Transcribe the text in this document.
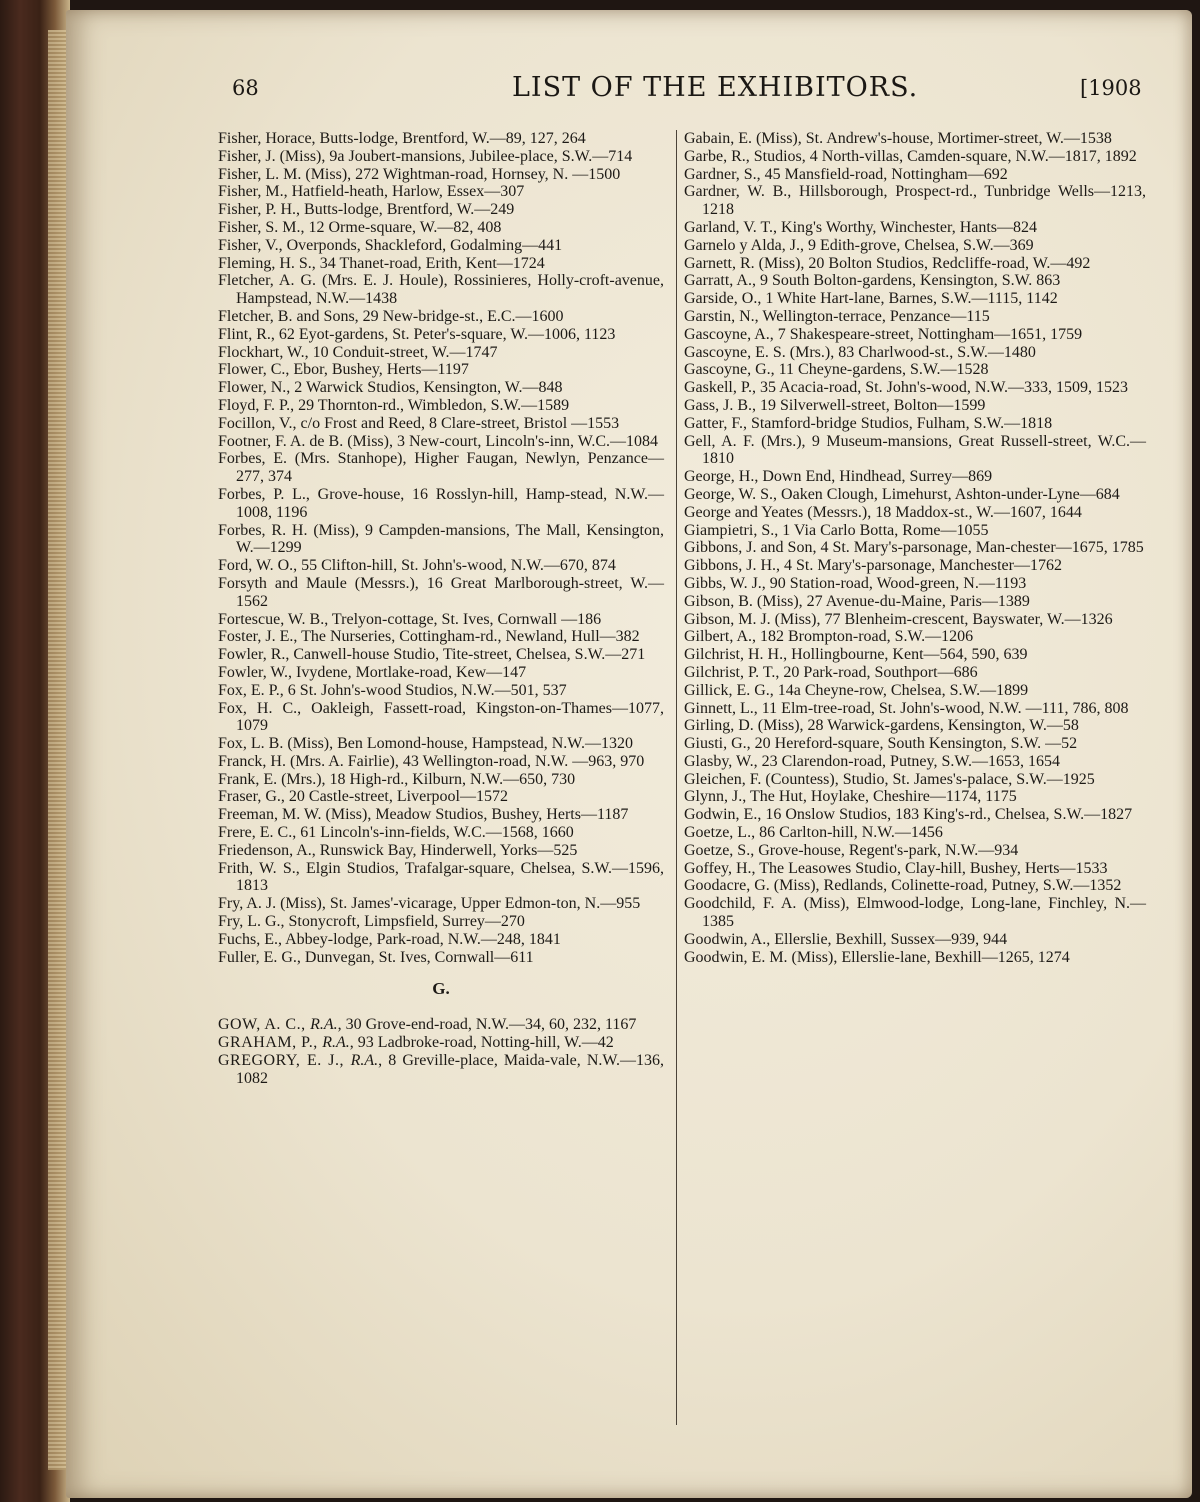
68	LIST OF THE EXHIBITORS.	[1908
Fisher, Horace, Butts-lodge, Brentford, W.—89, 127, 264
Fisher, J. (Miss), 9a Joubert-mansions, Jubilee-place, S.W.—714
Fisher, L. M. (Miss), 272 Wightman-road, Hornsey, N. —1500
Fisher, M., Hatfield-heath, Harlow, Essex—307
Fisher, P. H., Butts-lodge, Brentford, W.—249
Fisher, S. M., 12 Orme-square, W.—82, 408
Fisher, V., Overponds, Shackleford, Godalming—441
Fleming, H. S., 34 Thanet-road, Erith, Kent—1724
Fletcher, A. G. (Mrs. E. J. Houle), Rossinieres, Holly-croft-avenue, Hampstead, N.W.—1438
Fletcher, B. and Sons, 29 New-bridge-st., E.C.—1600
Flint, R., 62 Eyot-gardens, St. Peter's-square, W.—1006, 1123
Flockhart, W., 10 Conduit-street, W.—1747
Flower, C., Ebor, Bushey, Herts—1197
Flower, N., 2 Warwick Studios, Kensington, W.—848
Floyd, F. P., 29 Thornton-rd., Wimbledon, S.W.—1589
Focillon, V., c/o Frost and Reed, 8 Clare-street, Bristol —1553
Footner, F. A. de B. (Miss), 3 New-court, Lincoln's-inn, W.C.—1084
Forbes, E. (Mrs. Stanhope), Higher Faugan, Newlyn, Penzance—277, 374
Forbes, P. L., Grove-house, 16 Rosslyn-hill, Hamp-stead, N.W.—1008, 1196
Forbes, R. H. (Miss), 9 Campden-mansions, The Mall, Kensington, W.—1299
Ford, W. O., 55 Clifton-hill, St. John's-wood, N.W.—670, 874
Forsyth and Maule (Messrs.), 16 Great Marlborough-street, W.—1562
Fortescue, W. B., Trelyon-cottage, St. Ives, Cornwall —186
Foster, J. E., The Nurseries, Cottingham-rd., Newland, Hull—382
Fowler, R., Canwell-house Studio, Tite-street, Chelsea, S.W.—271
Fowler, W., Ivydene, Mortlake-road, Kew—147
Fox, E. P., 6 St. John's-wood Studios, N.W.—501, 537
Fox, H. C., Oakleigh, Fassett-road, Kingston-on-Thames—1077, 1079
Fox, L. B. (Miss), Ben Lomond-house, Hampstead, N.W.—1320
Franck, H. (Mrs. A. Fairlie), 43 Wellington-road, N.W. —963, 970
Frank, E. (Mrs.), 18 High-rd., Kilburn, N.W.—650, 730
Fraser, G., 20 Castle-street, Liverpool—1572
Freeman, M. W. (Miss), Meadow Studios, Bushey, Herts—1187
Frere, E. C., 61 Lincoln's-inn-fields, W.C.—1568, 1660
Friedenson, A., Runswick Bay, Hinderwell, Yorks—525
Frith, W. S., Elgin Studios, Trafalgar-square, Chelsea, S.W.—1596, 1813
Fry, A. J. (Miss), St. James'-vicarage, Upper Edmon-ton, N.—955
Fry, L. G., Stonycroft, Limpsfield, Surrey—270
Fuchs, E., Abbey-lodge, Park-road, N.W.—248, 1841
Fuller, E. G., Dunvegan, St. Ives, Cornwall—611
G.
GOW, A. C., R.A., 30 Grove-end-road, N.W.—34, 60, 232, 1167
GRAHAM, P., R.A., 93 Ladbroke-road, Notting-hill, W.—42
GREGORY, E. J., R.A., 8 Greville-place, Maida-vale, N.W.—136, 1082
Gabain, E. (Miss), St. Andrew's-house, Mortimer-street, W.—1538
Garbe, R., Studios, 4 North-villas, Camden-square, N.W.—1817, 1892
Gardner, S., 45 Mansfield-road, Nottingham—692
Gardner, W. B., Hillsborough, Prospect-rd., Tunbridge Wells—1213, 1218
Garland, V. T., King's Worthy, Winchester, Hants—824
Garnelo y Alda, J., 9 Edith-grove, Chelsea, S.W.—369
Garnett, R. (Miss), 20 Bolton Studios, Redcliffe-road, W.—492
Garratt, A., 9 South Bolton-gardens, Kensington, S.W. 863
Garside, O., 1 White Hart-lane, Barnes, S.W.—1115, 1142
Garstin, N., Wellington-terrace, Penzance—115
Gascoyne, A., 7 Shakespeare-street, Nottingham—1651, 1759
Gascoyne, E. S. (Mrs.), 83 Charlwood-st., S.W.—1480
Gascoyne, G., 11 Cheyne-gardens, S.W.—1528
Gaskell, P., 35 Acacia-road, St. John's-wood, N.W.—333, 1509, 1523
Gass, J. B., 19 Silverwell-street, Bolton—1599
Gatter, F., Stamford-bridge Studios, Fulham, S.W.—1818
Gell, A. F. (Mrs.), 9 Museum-mansions, Great Russell-street, W.C.—1810
George, H., Down End, Hindhead, Surrey—869
George, W. S., Oaken Clough, Limehurst, Ashton-under-Lyne—684
George and Yeates (Messrs.), 18 Maddox-st., W.—1607, 1644
Giampietri, S., 1 Via Carlo Botta, Rome—1055
Gibbons, J. and Son, 4 St. Mary's-parsonage, Man-chester—1675, 1785
Gibbons, J. H., 4 St. Mary's-parsonage, Manchester—1762
Gibbs, W. J., 90 Station-road, Wood-green, N.—1193
Gibson, B. (Miss), 27 Avenue-du-Maine, Paris—1389
Gibson, M. J. (Miss), 77 Blenheim-crescent, Bayswater, W.—1326
Gilbert, A., 182 Brompton-road, S.W.—1206
Gilchrist, H. H., Hollingbourne, Kent—564, 590, 639
Gilchrist, P. T., 20 Park-road, Southport—686
Gillick, E. G., 14a Cheyne-row, Chelsea, S.W.—1899
Ginnett, L., 11 Elm-tree-road, St. John's-wood, N.W. —111, 786, 808
Girling, D. (Miss), 28 Warwick-gardens, Kensington, W.—58
Giusti, G., 20 Hereford-square, South Kensington, S.W. —52
Glasby, W., 23 Clarendon-road, Putney, S.W.—1653, 1654
Gleichen, F. (Countess), Studio, St. James's-palace, S.W.—1925
Glynn, J., The Hut, Hoylake, Cheshire—1174, 1175
Godwin, E., 16 Onslow Studios, 183 King's-rd., Chelsea, S.W.—1827
Goetze, L., 86 Carlton-hill, N.W.—1456
Goetze, S., Grove-house, Regent's-park, N.W.—934
Goffey, H., The Leasowes Studio, Clay-hill, Bushey, Herts—1533
Goodacre, G. (Miss), Redlands, Colinette-road, Putney, S.W.—1352
Goodchild, F. A. (Miss), Elmwood-lodge, Long-lane, Finchley, N.—1385
Goodwin, A., Ellerslie, Bexhill, Sussex—939, 944
Goodwin, E. M. (Miss), Ellerslie-lane, Bexhill—1265, 1274
